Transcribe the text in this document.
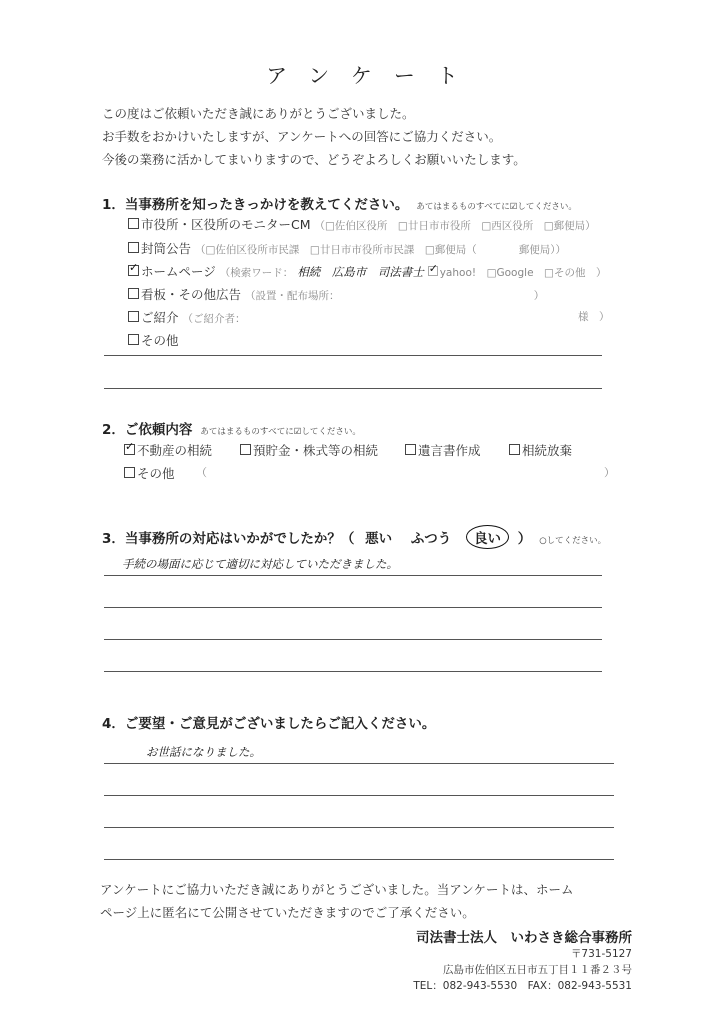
アンケート
この度はご依頼いただき誠にありがとうございました。
お手数をおかけいたしますが、アンケートへの回答にご協力ください。
今後の業務に活かしてまいりますので、どうぞよろしくお願いいたします。
1．当事務所を知ったきっかけを教えてください。 あてはまるものすべてに☑してください。
市役所・区役所のモニターCM （□佐伯区役所　□廿日市市役所　□西区役所　□郵便局）
封筒公告 （□佐伯区役所市民課　□廿日市市役所市民課　□郵便局（　　　　郵便局））
✓ホームページ （検索ワード： 相続　広島市　司法書士 ✓ yahoo!　□Google　□その他　）
看板・その他広告 （設置・配布場所：　　　　　　　　　　　　　　　　　　　）
ご紹介 （ご紹介者：	様　）
その他
2．ご依頼内容 あてはまるものすべてに☑してください。
✓不動産の相続	預貯金・株式等の相続	遺言書作成	相続放棄
その他 （	）
3．当事務所の対応はいかがでしたか？（ 悪い ふつう 良い ） ○してください。
手続の場面に応じて適切に対応していただきました。
4．ご要望・ご意見がございましたらご記入ください。
お世話になりました。
アンケートにご協力いただき誠にありがとうございました。当アンケートは、ホーム
ページ上に匿名にて公開させていただきますのでご了承ください。
司法書士法人　いわさき総合事務所
〒731-5127
広島市佐伯区五日市五丁目１１番２３号
TEL：082-943-5530　FAX：082-943-5531
